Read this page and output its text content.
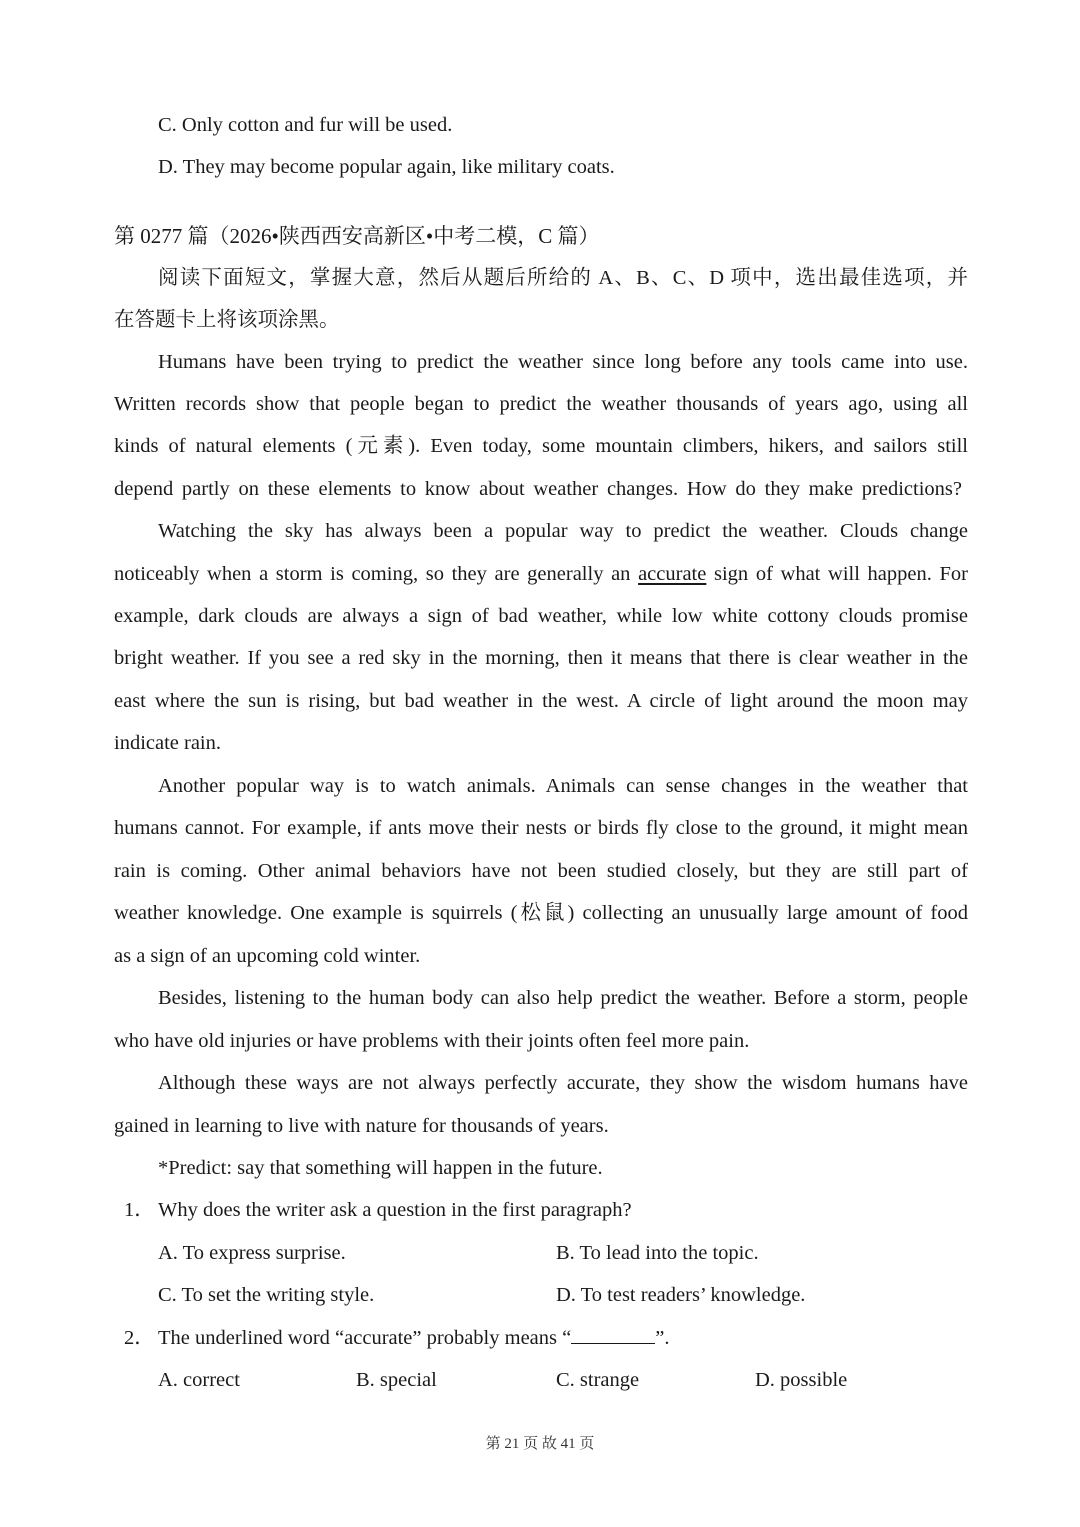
C. Only cotton and fur will be used.
D. They may become popular again, like military coats.
第 0277 篇（2026•陕西西安高新区•中考二模，C 篇）
阅读下面短文，掌握大意，然后从题后所给的 A、B、C、D 项中，选出最佳选项，并
在答题卡上将该项涂黑。
Humans have been trying to predict the weather since long before any tools came into use.
Written records show that people began to predict the weather thousands of years ago, using all
kinds of natural elements (元素). Even today, some mountain climbers, hikers, and sailors still
depend partly on these elements to know about weather changes. How do they make predictions?
Watching the sky has always been a popular way to predict the weather. Clouds change
noticeably when a storm is coming, so they are generally an accurate sign of what will happen. For
example, dark clouds are always a sign of bad weather, while low white cottony clouds promise
bright weather. If you see a red sky in the morning, then it means that there is clear weather in the
east where the sun is rising, but bad weather in the west. A circle of light around the moon may
indicate rain.
Another popular way is to watch animals. Animals can sense changes in the weather that
humans cannot. For example, if ants move their nests or birds fly close to the ground, it might mean
rain is coming. Other animal behaviors have not been studied closely, but they are still part of
weather knowledge. One example is squirrels (松鼠) collecting an unusually large amount of food
as a sign of an upcoming cold winter.
Besides, listening to the human body can also help predict the weather. Before a storm, people
who have old injuries or have problems with their joints often feel more pain.
Although these ways are not always perfectly accurate, they show the wisdom humans have
gained in learning to live with nature for thousands of years.
*Predict: say that something will happen in the future.
1． Why does the writer ask a question in the first paragraph?
A. To express surprise.	B. To lead into the topic.
C. To set the writing style.	D. To test readers’ knowledge.
2． The underlined word “accurate” probably means “	”.
A. correct	B. special	C. strange	D. possible
第 21 页 故 41 页
